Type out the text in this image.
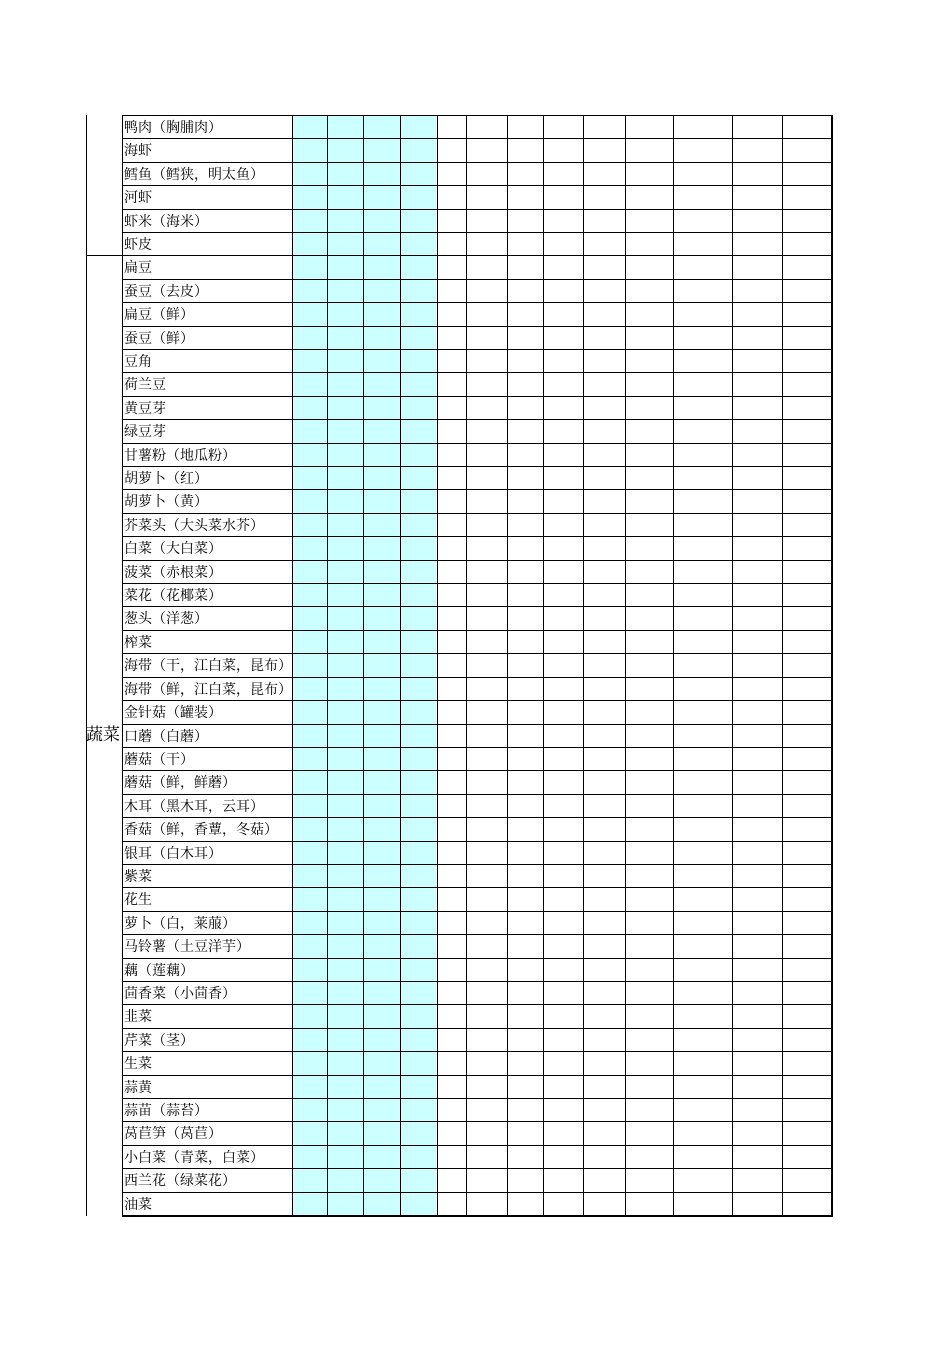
鸭肉（胸脯肉）
海虾
鳕鱼（鳕狭，明太鱼）
河虾
虾米（海米）
虾皮
扁豆
蚕豆（去皮）
扁豆（鲜）
蚕豆（鲜）
豆角
荷兰豆
黄豆芽
绿豆芽
甘薯粉（地瓜粉）
胡萝卜（红）
胡萝卜（黄）
芥菜头（大头菜水芥）
白菜（大白菜）
菠菜（赤根菜）
菜花（花椰菜）
葱头（洋葱）
榨菜
海带（干，江白菜，昆布）
海带（鲜，江白菜，昆布）
金针菇（罐装）
口蘑（白蘑）
蘑菇（干）
蘑菇（鲜，鲜蘑）
木耳（黑木耳，云耳）
香菇（鲜，香蕈，冬菇）
银耳（白木耳）
紫菜
花生
萝卜（白，莱菔）
马铃薯（土豆洋芋）
藕（莲藕）
茴香菜（小茴香）
韭菜
芹菜（茎）
生菜
蒜黄
蒜苗（蒜苔）
莴苣笋（莴苣）
小白菜（青菜，白菜）
西兰花（绿菜花）
油菜
蔬菜
